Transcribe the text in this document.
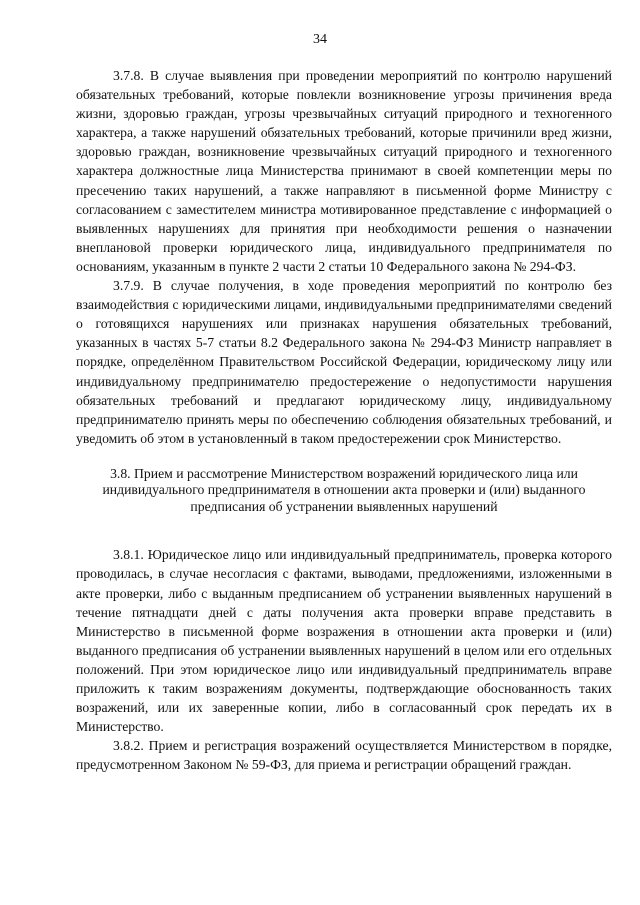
34

3.7.8. В случае выявления при проведении мероприятий по контролю нарушений обязательных требований, которые повлекли возникновение угрозы причинения вреда жизни, здоровью граждан, угрозы чрезвычайных ситуаций природного и техногенного характера, а также нарушений обязательных требований, которые причинили вред жизни, здоровью граждан, возникновение чрезвычайных ситуаций природного и техногенного характера должностные лица Министерства принимают в своей компетенции меры по пресечению таких нарушений, а также направляют в письменной форме Министру с согласованием с заместителем министра мотивированное представление с информацией о выявленных нарушениях для принятия при необходимости решения о назначении внеплановой проверки юридического лица, индивидуального предпринимателя по основаниям, указанным в пункте 2 части 2 статьи 10 Федерального закона № 294-ФЗ.

3.7.9. В случае получения, в ходе проведения мероприятий по контролю без взаимодействия с юридическими лицами, индивидуальными предпринимателями сведений о готовящихся нарушениях или признаках нарушения обязательных требований, указанных в частях 5-7 статьи 8.2 Федерального закона № 294-ФЗ Министр направляет в порядке, определённом Правительством Российской Федерации, юридическому лицу или индивидуальному предпринимателю предостережение о недопустимости нарушения обязательных требований и предлагают юридическому лицу, индивидуальному предпринимателю принять меры по обеспечению соблюдения обязательных требований, и уведомить об этом в установленный в таком предостережении срок Министерство.

3.8. Прием и рассмотрение Министерством возражений юридического лица или индивидуального предпринимателя в отношении акта проверки и (или) выданного предписания об устранении выявленных нарушений

3.8.1. Юридическое лицо или индивидуальный предприниматель, проверка которого проводилась, в случае несогласия с фактами, выводами, предложениями, изложенными в акте проверки, либо с выданным предписанием об устранении выявленных нарушений в течение пятнадцати дней с даты получения акта проверки вправе представить в Министерство в письменной форме возражения в отношении акта проверки и (или) выданного предписания об устранении выявленных нарушений в целом или его отдельных положений. При этом юридическое лицо или индивидуальный предприниматель вправе приложить к таким возражениям документы, подтверждающие обоснованность таких возражений, или их заверенные копии, либо в согласованный срок передать их в Министерство.

3.8.2. Прием и регистрация возражений осуществляется Министерством в порядке, предусмотренном Законом № 59-ФЗ, для приема и регистрации обращений граждан.
